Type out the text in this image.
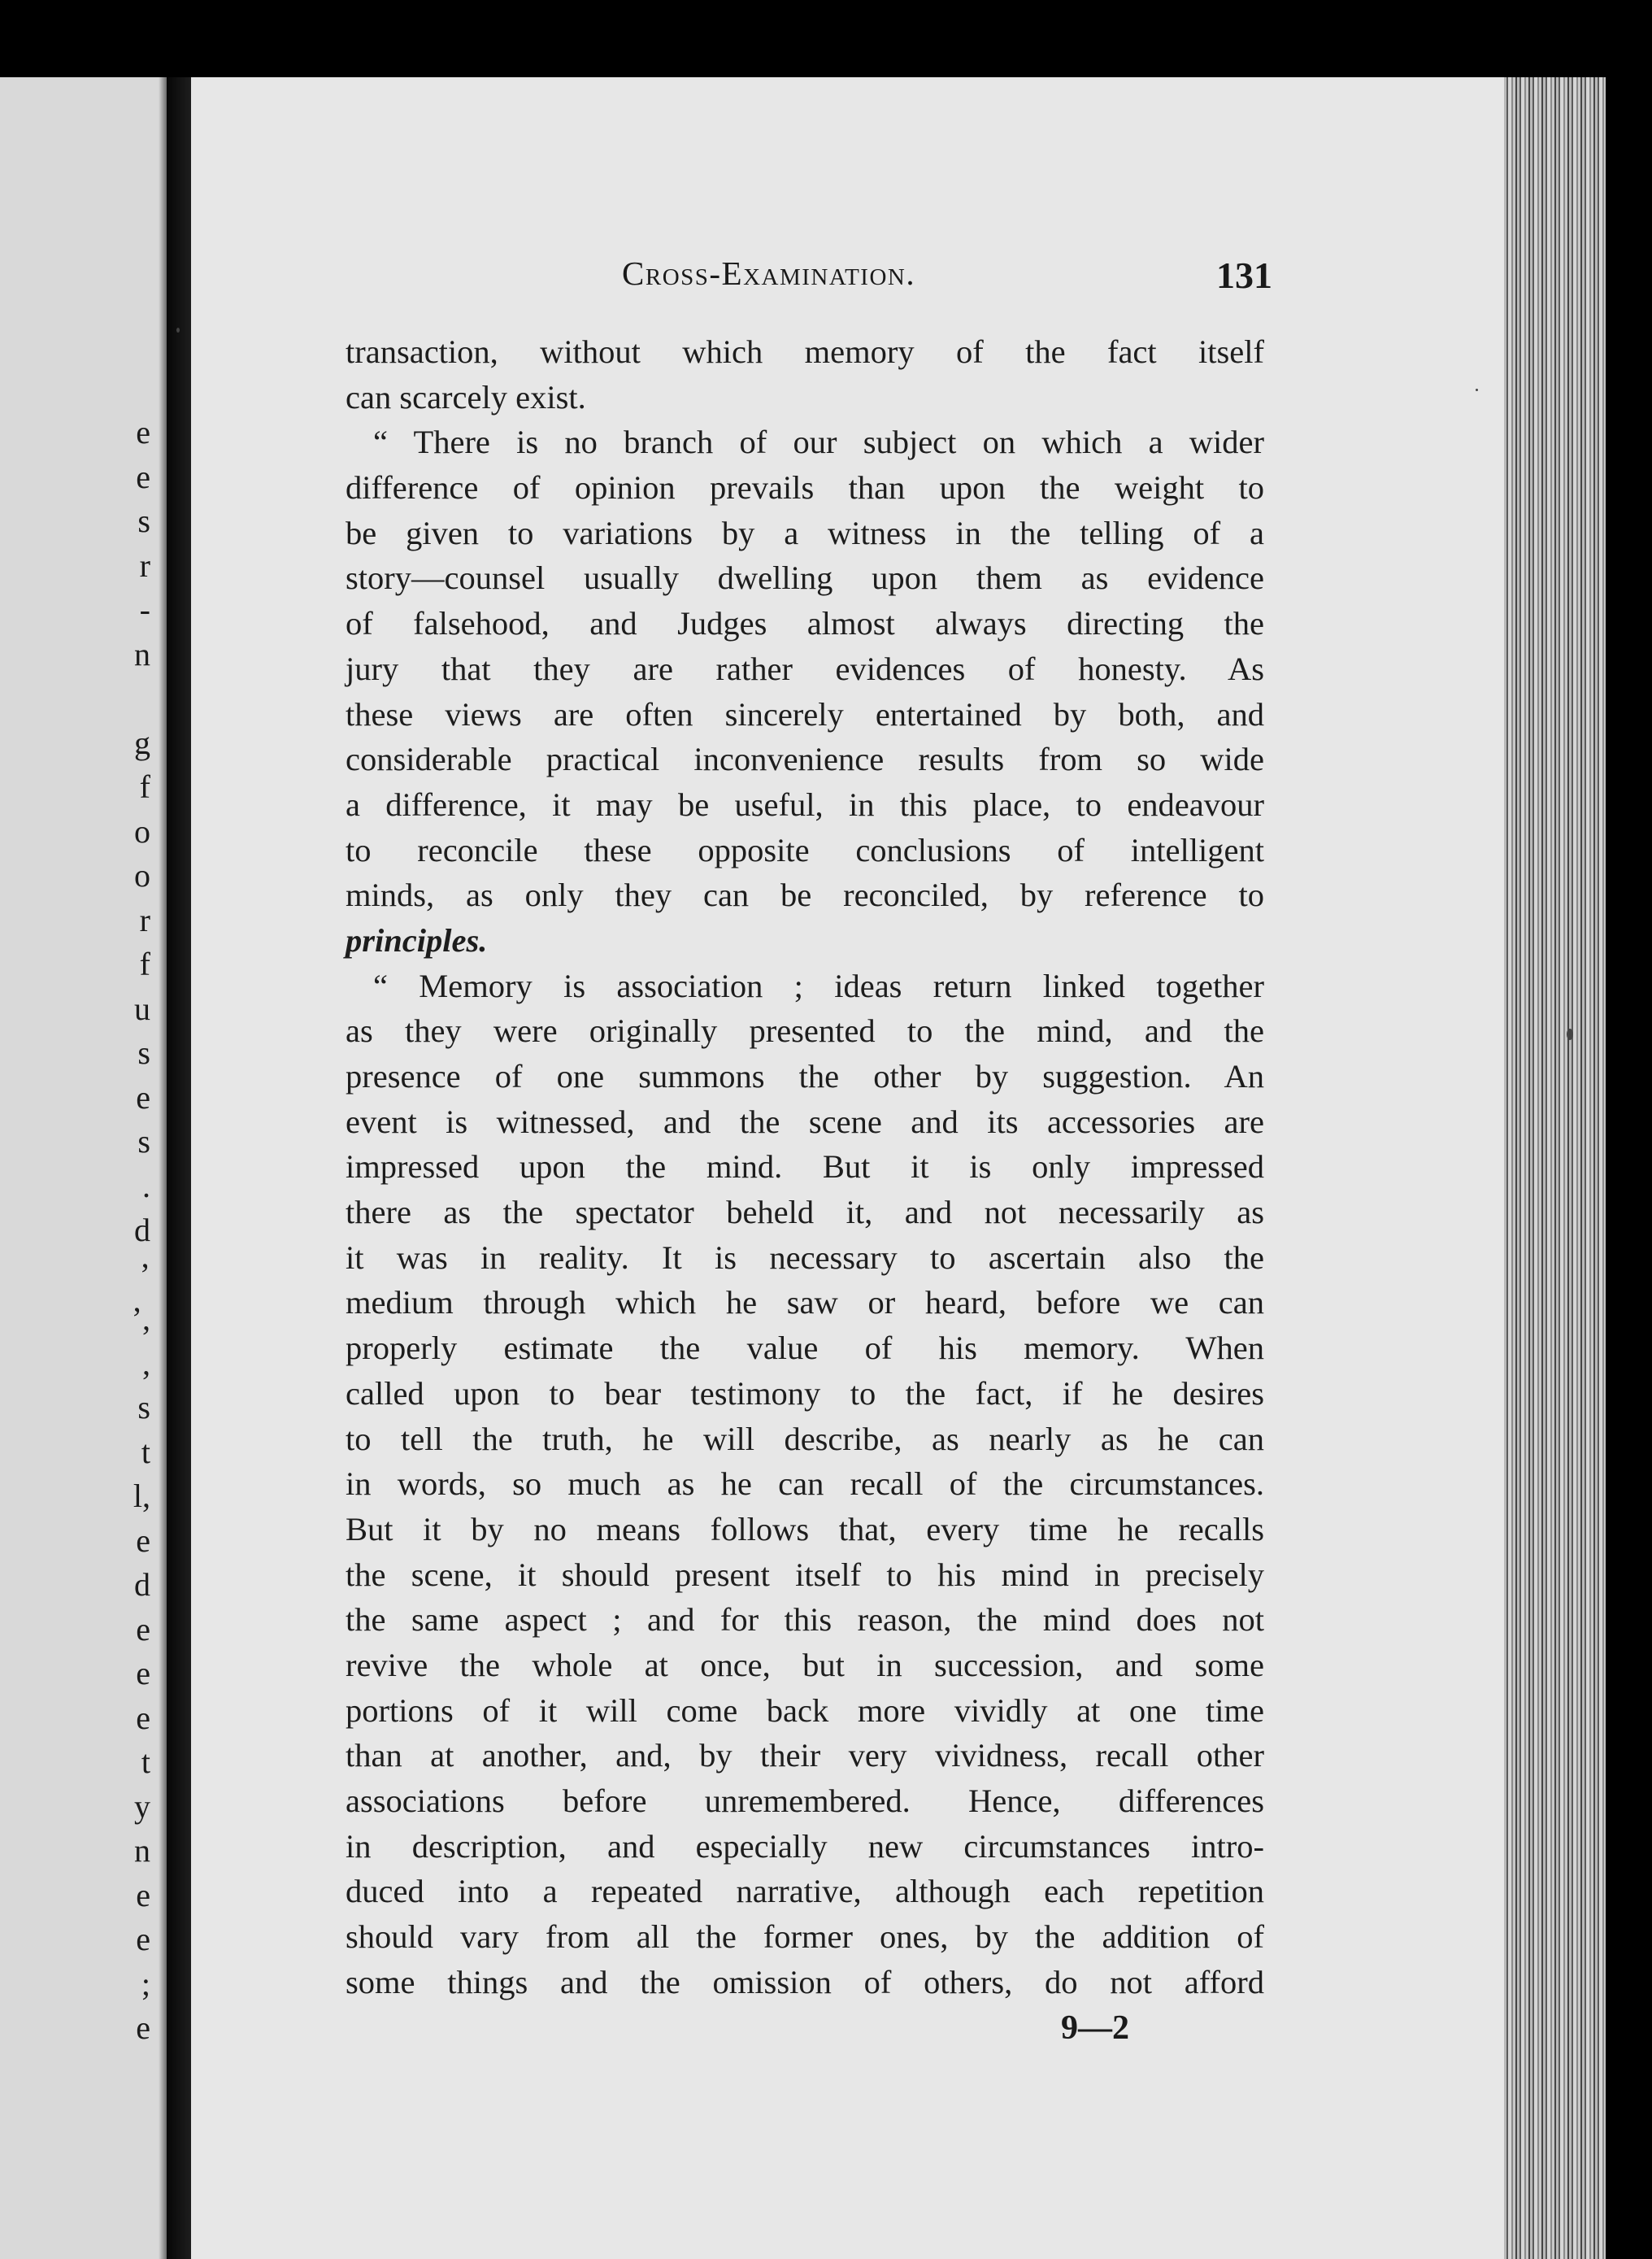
e
e
s
r
-
n
g
f
o
o
r
f
u
s
e
s
.
d
’
’,
,
s
t
l,
e
d
e
e
e
t
y
n
e
e
;
e
Cross-Examination.	131
transaction, without which memory of the fact itself
can scarcely exist.
“ There is no branch of our subject on which a wider
difference of opinion prevails than upon the weight to
be given to variations by a witness in the telling of a
story—counsel usually dwelling upon them as evidence
of falsehood, and Judges almost always directing the
jury that they are rather evidences of honesty. As
these views are often sincerely entertained by both, and
considerable practical inconvenience results from so wide
a difference, it may be useful, in this place, to endeavour
to reconcile these opposite conclusions of intelligent
minds, as only they can be reconciled, by reference to
principles.
“ Memory is association ; ideas return linked together
as they were originally presented to the mind, and the
presence of one summons the other by suggestion. An
event is witnessed, and the scene and its accessories are
impressed upon the mind. But it is only impressed
there as the spectator beheld it, and not necessarily as
it was in reality. It is necessary to ascertain also the
medium through which he saw or heard, before we can
properly estimate the value of his memory. When
called upon to bear testimony to the fact, if he desires
to tell the truth, he will describe, as nearly as he can
in words, so much as he can recall of the circumstances.
But it by no means follows that, every time he recalls
the scene, it should present itself to his mind in precisely
the same aspect ; and for this reason, the mind does not
revive the whole at once, but in succession, and some
portions of it will come back more vividly at one time
than at another, and, by their very vividness, recall other
associations before unremembered. Hence, differences
in description, and especially new circumstances intro-
duced into a repeated narrative, although each repetition
should vary from all the former ones, by the addition of
some things and the omission of others, do not afford
9—2
